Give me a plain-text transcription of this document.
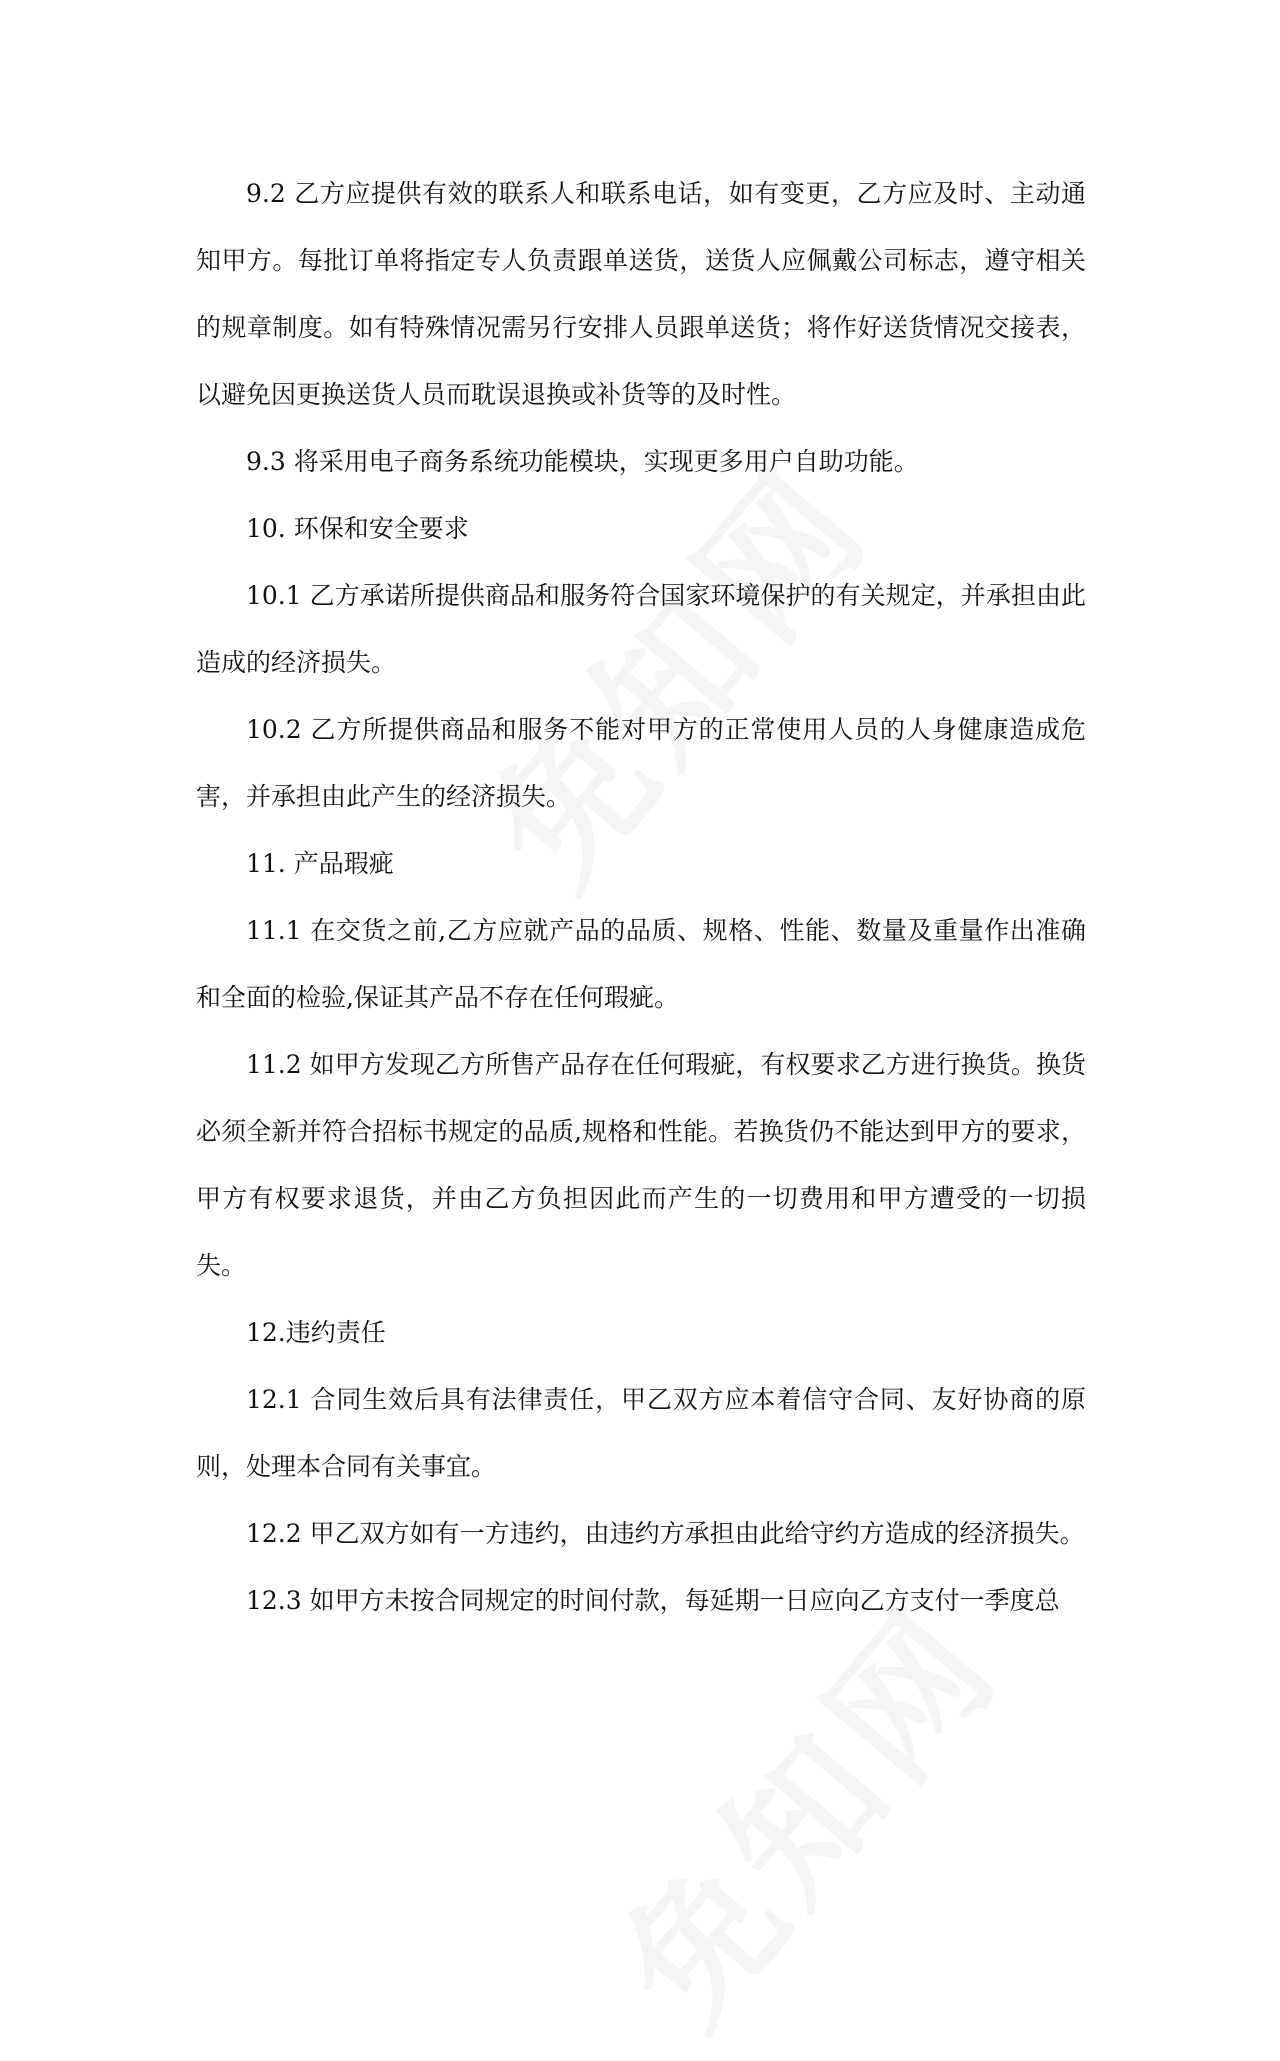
9.2 乙方应提供有效的联系人和联系电话，如有变更，乙方应及时、主动通知甲方。每批订单将指定专人负责跟单送货，送货人应佩戴公司标志，遵守相关的规章制度。如有特殊情况需另行安排人员跟单送货；将作好送货情况交接表，以避免因更换送货人员而耽误退换或补货等的及时性。

9.3 将采用电子商务系统功能模块，实现更多用户自助功能。

10. 环保和安全要求

10.1 乙方承诺所提供商品和服务符合国家环境保护的有关规定，并承担由此造成的经济损失。

10.2 乙方所提供商品和服务不能对甲方的正常使用人员的人身健康造成危害，并承担由此产生的经济损失。

11. 产品瑕疵

11.1 在交货之前,乙方应就产品的品质、规格、性能、数量及重量作出准确和全面的检验,保证其产品不存在任何瑕疵。

11.2 如甲方发现乙方所售产品存在任何瑕疵，有权要求乙方进行换货。换货必须全新并符合招标书规定的品质,规格和性能。若换货仍不能达到甲方的要求，甲方有权要求退货，并由乙方负担因此而产生的一切费用和甲方遭受的一切损失。

12.违约责任

12.1 合同生效后具有法律责任，甲乙双方应本着信守合同、友好协商的原则，处理本合同有关事宜。

12.2 甲乙双方如有一方违约，由违约方承担由此给守约方造成的经济损失。

12.3 如甲方未按合同规定的时间付款，每延期一日应向乙方支付一季度总
